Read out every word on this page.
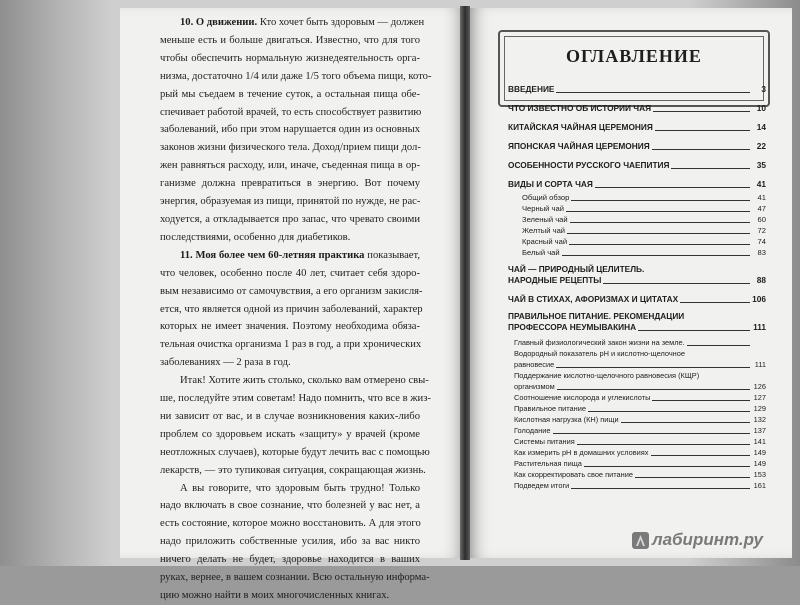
10. О движении. Кто хочет быть здоровым — должен
меньше есть и больше двигаться. Известно, что для того
чтобы обеспечить нормальную жизнедеятельность орга-
низма, достаточно 1/4 или даже 1/5 того объема пищи, кото-
рый мы съедаем в течение суток, а остальная пища обе-
спечивает работой врачей, то есть способствует развитию
заболеваний, ибо при этом нарушается один из основных
законов жизни физического тела. Доход/прием пищи дол-
жен равняться расходу, или, иначе, съеденная пища в ор-
ганизме должна превратиться в энергию. Вот почему
энергия, образуемая из пищи, принятой по нужде, не рас-
ходуется, а откладывается про запас, что чревато своими
последствиями, особенно для диабетиков.
11. Моя более чем 60-летняя практика показывает,
что человек, особенно после 40 лет, считает себя здоро-
вым независимо от самочувствия, а его организм закисля-
ется, что является одной из причин заболеваний, характер
которых не имеет значения. Поэтому необходима обяза-
тельная очистка организма 1 раз в год, а при хронических
заболеваниях — 2 раза в год.
Итак! Хотите жить столько, сколько вам отмерено свы-
ше, последуйте этим советам! Надо помнить, что все в жиз-
ни зависит от вас, и в случае возникновения каких-либо
проблем со здоровьем искать «защиту» у врачей (кроме
неотложных случаев), которые будут лечить вас с помощью
лекарств, — это тупиковая ситуация, сокращающая жизнь.
А вы говорите, что здоровым быть трудно! Только
надо включать в свое сознание, что болезней у вас нет, а
есть состояние, которое можно восстановить. А для этого
надо приложить собственные усилия, ибо за вас никто
ничего делать не будет, здоровье находится в ваших
руках, вернее, в вашем сознании. Всю остальную информа-
цию можно найти в моих многочисленных книгах.
ОГЛАВЛЕНИЕ
ВВЕДЕНИЕ	3
ЧТО ИЗВЕСТНО ОБ ИСТОРИИ ЧАЯ	10
КИТАЙСКАЯ ЧАЙНАЯ ЦЕРЕМОНИЯ	14
ЯПОНСКАЯ ЧАЙНАЯ ЦЕРЕМОНИЯ	22
ОСОБЕННОСТИ РУССКОГО ЧАЕПИТИЯ	35
ВИДЫ И СОРТА ЧАЯ	41
Общий обзор	41
Черный чай	47
Зеленый чай	60
Желтый чай	72
Красный чай	74
Белый чай	83
ЧАЙ — ПРИРОДНЫЙ ЦЕЛИТЕЛЬ.
НАРОДНЫЕ РЕЦЕПТЫ	88
ЧАЙ В СТИХАХ, АФОРИЗМАХ И ЦИТАТАХ	106
ПРАВИЛЬНОЕ ПИТАНИЕ. РЕКОМЕНДАЦИИ
ПРОФЕССОРА НЕУМЫВАКИНА	111
Главный физиологический закон жизни на земле.
Водородный показатель рН и кислотно-щелочное
равновесие	111
Поддержание кислотно-щелочного равновесия (КЩР)
организмом	126
Соотношение кислорода и углекислоты	127
Правильное питание	129
Кислотная нагрузка (КН) пищи	132
Голодание	137
Системы питания	141
Как измерить рН в домашних условиях	149
Растительная пища	149
Как скорректировать свое питание	153
Подведем итоги	161
лабиринт.ру
